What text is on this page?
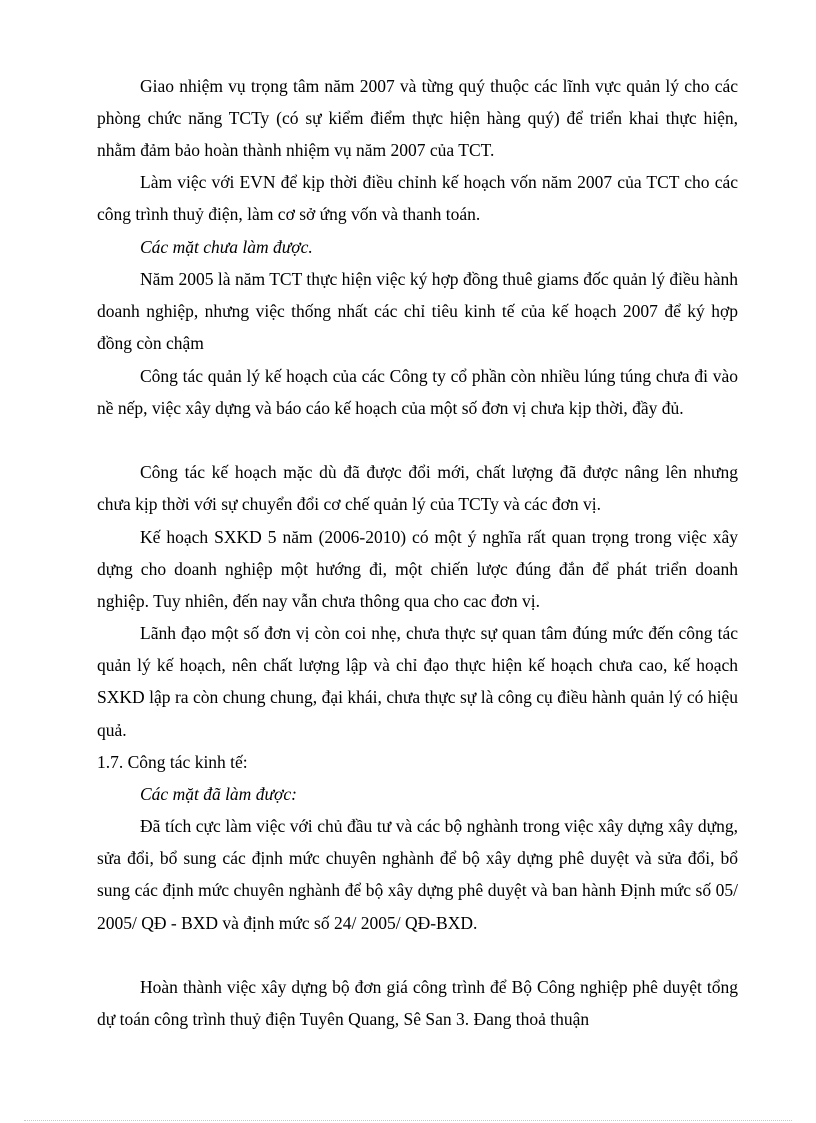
Giao nhiệm vụ trọng tâm năm 2007 và từng quý thuộc các lĩnh vực quản lý cho các phòng chức năng TCTy (có sự kiểm điểm thực hiện hàng quý) để triển khai thực hiện, nhằm đảm bảo hoàn thành nhiệm vụ năm 2007 của TCT.

Làm việc với EVN để kịp thời điều chỉnh kế hoạch vốn năm 2007 của TCT cho các công trình thuỷ điện, làm cơ sở ứng vốn và thanh toán.

Các mặt chưa làm được.

Năm 2005 là năm TCT thực hiện việc ký hợp đồng thuê giams đốc quản lý điều hành doanh nghiệp, nhưng việc thống nhất các chỉ tiêu kinh tế của kế hoạch 2007 để ký hợp đồng còn chậm

Công tác quản lý kế hoạch của các Công ty cổ phần còn nhiều lúng túng chưa đi vào nề nếp, việc xây dựng và báo cáo kế hoạch của một số đơn vị chưa kịp thời, đầy đủ.

Công tác kế hoạch mặc dù đã được đổi mới, chất lượng đã được nâng lên nhưng chưa kịp thời với sự chuyển đổi cơ chế quản lý của TCTy và các đơn vị.

Kế hoạch SXKD 5 năm (2006-2010) có một ý nghĩa rất quan trọng trong việc xây dựng cho doanh nghiệp một hướng đi, một chiến lược đúng đắn để phát triển doanh nghiệp. Tuy nhiên, đến nay vẫn chưa thông qua cho cac đơn vị.

Lãnh đạo một số đơn vị còn coi nhẹ, chưa thực sự quan tâm đúng mức đến công tác quản lý kế hoạch, nên chất lượng lập và chỉ đạo thực hiện kế hoạch chưa cao, kế hoạch SXKD lập ra còn chung chung, đại khái, chưa thực sự là công cụ điều hành quản lý có hiệu quả.

1.7. Công tác kinh tế:

Các mặt đã làm được:

Đã tích cực làm việc với chủ đầu tư và các bộ nghành trong việc xây dựng xây dựng, sửa đổi, bổ sung các định mức chuyên nghành để bộ xây dựng phê duyệt và sửa đổi, bổ sung các định mức chuyên nghành để bộ xây dựng phê duyệt và ban hành Định mức số 05/ 2005/ QĐ - BXD và định mức số 24/ 2005/ QĐ-BXD.

Hoàn thành việc xây dựng bộ đơn giá công trình để Bộ Công nghiệp phê duyệt tổng dự toán công trình thuỷ điện Tuyên Quang, Sê San 3. Đang thoả thuận
